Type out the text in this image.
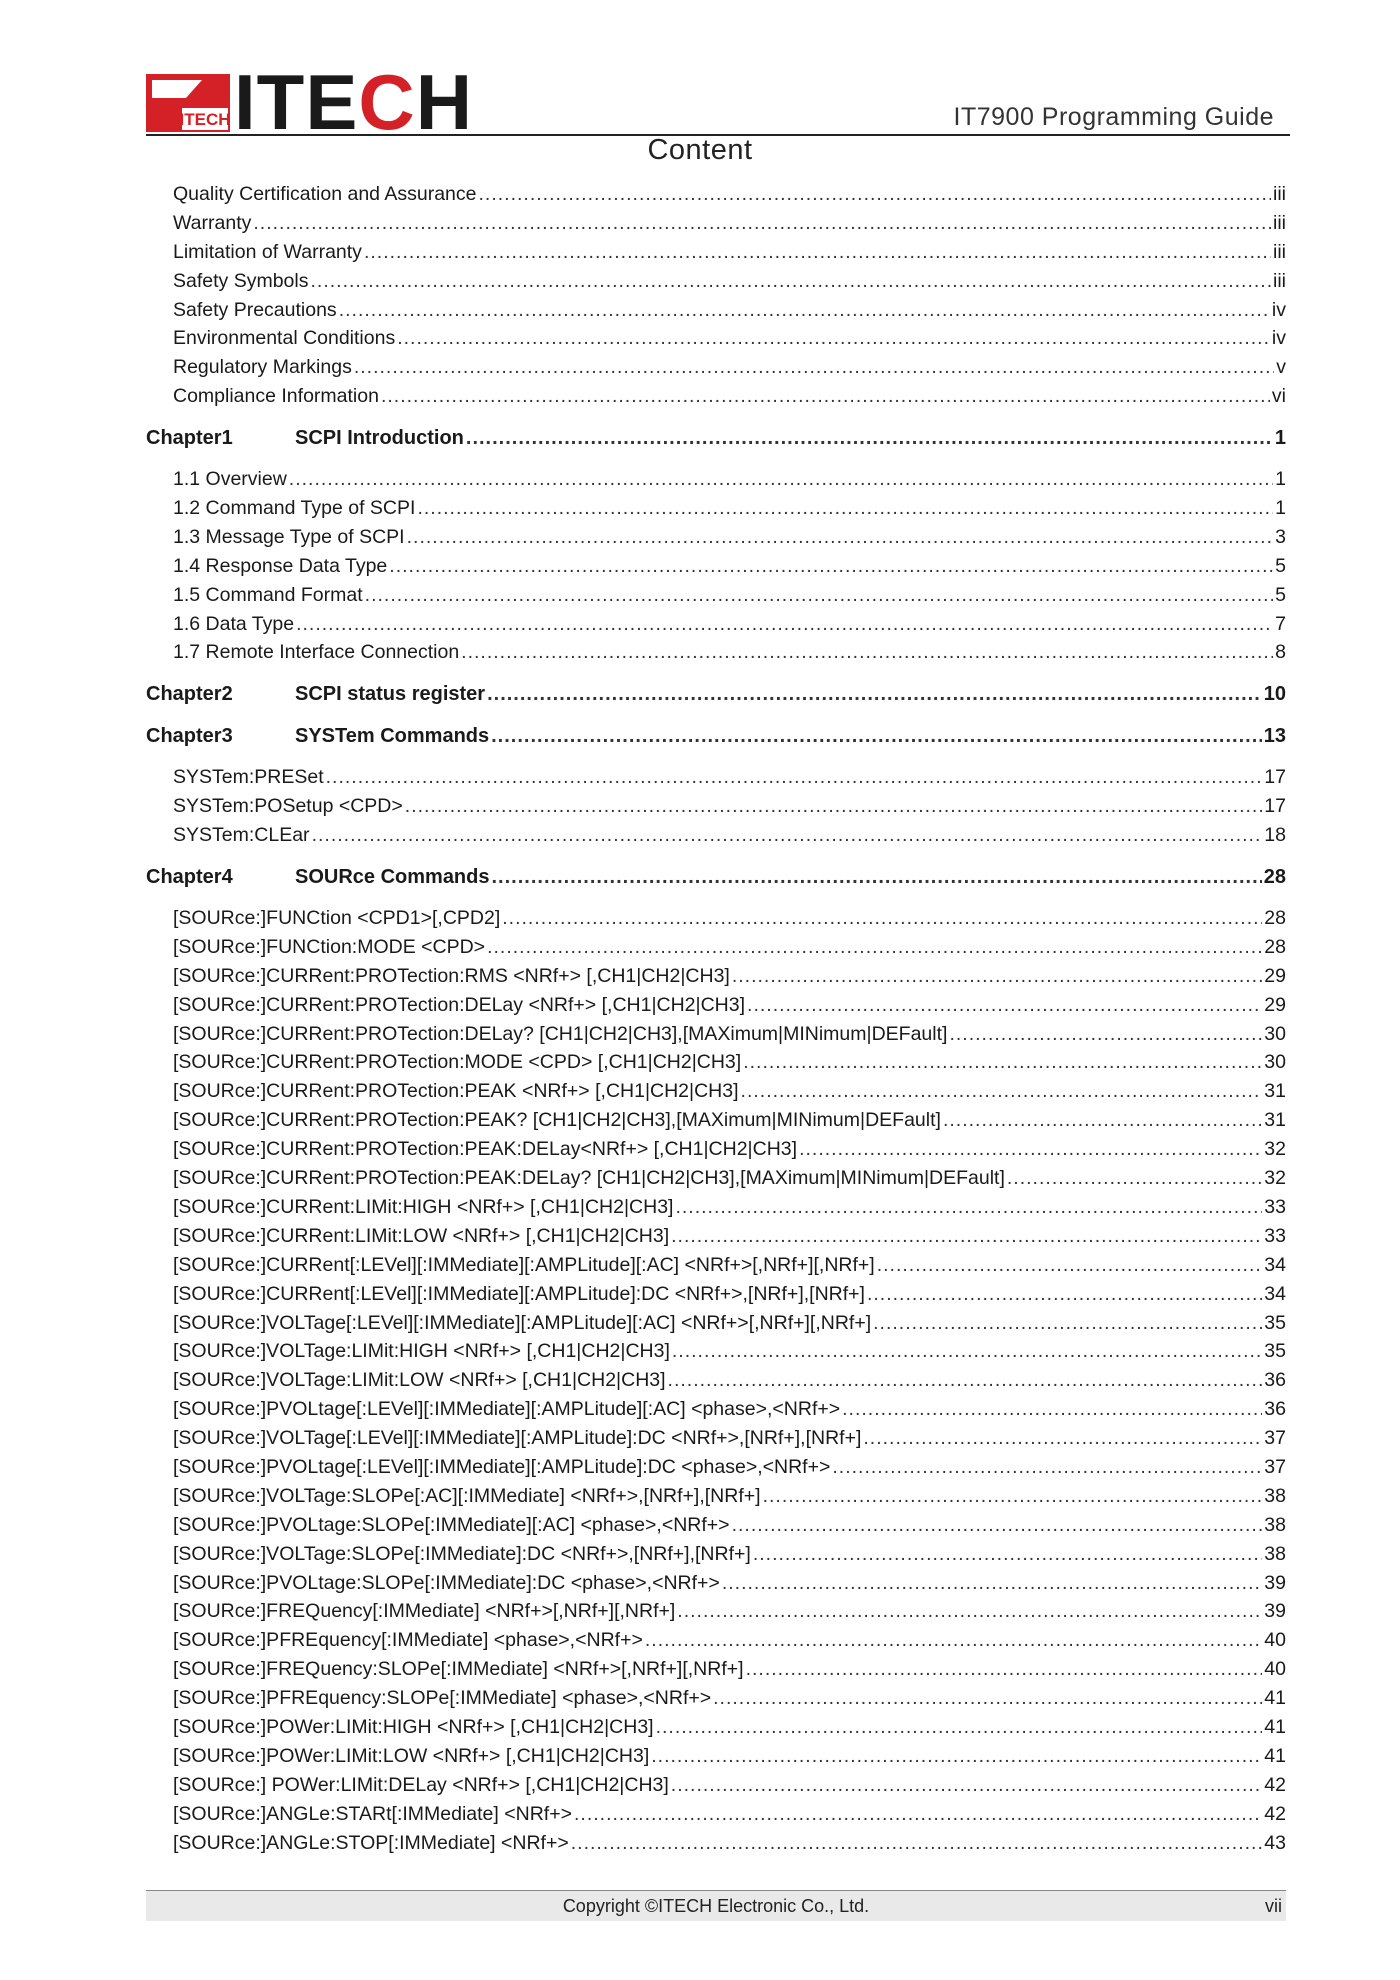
ITECH ITECH	IT7900 Programming Guide
Content
Quality Certification and Assurance .....	iii
Warranty .....	iii
Limitation of Warranty .....	iii
Safety Symbols .....	iii
Safety Precautions .....	iv
Environmental Conditions .....	iv
Regulatory Markings .....	v
Compliance Information .....	vi
Chapter1	SCPI Introduction .....	1
1.1 Overview .....	1
1.2 Command Type of SCPI .....	1
1.3 Message Type of SCPI .....	3
1.4 Response Data Type .....	5
1.5 Command Format .....	5
1.6 Data Type .....	7
1.7 Remote Interface Connection .....	8
Chapter2	SCPI status register .....	10
Chapter3	SYSTem Commands .....	13
SYSTem:PRESet .....	17
SYSTem:POSetup <CPD> .....	17
SYSTem:CLEar .....	18
Chapter4	SOURce Commands .....	28
[SOURce:]FUNCtion <CPD1>[,CPD2] .....	28
[SOURce:]FUNCtion:MODE <CPD> .....	28
[SOURce:]CURRent:PROTection:RMS <NRf+> [,CH1|CH2|CH3] .....	29
[SOURce:]CURRent:PROTection:DELay <NRf+> [,CH1|CH2|CH3] .....	29
[SOURce:]CURRent:PROTection:DELay? [CH1|CH2|CH3],[MAXimum|MINimum|DEFault] .....	30
[SOURce:]CURRent:PROTection:MODE <CPD> [,CH1|CH2|CH3] .....	30
[SOURce:]CURRent:PROTection:PEAK <NRf+> [,CH1|CH2|CH3] .....	31
[SOURce:]CURRent:PROTection:PEAK? [CH1|CH2|CH3],[MAXimum|MINimum|DEFault] .....	31
[SOURce:]CURRent:PROTection:PEAK:DELay<NRf+> [,CH1|CH2|CH3] .....	32
[SOURce:]CURRent:PROTection:PEAK:DELay? [CH1|CH2|CH3],[MAXimum|MINimum|DEFault] .....	32
[SOURce:]CURRent:LIMit:HIGH <NRf+> [,CH1|CH2|CH3] .....	33
[SOURce:]CURRent:LIMit:LOW <NRf+> [,CH1|CH2|CH3] .....	33
[SOURce:]CURRent[:LEVel][:IMMediate][:AMPLitude][:AC] <NRf+>[,NRf+][,NRf+] .....	34
[SOURce:]CURRent[:LEVel][:IMMediate][:AMPLitude]:DC <NRf+>,[NRf+],[NRf+] .....	34
[SOURce:]VOLTage[:LEVel][:IMMediate][:AMPLitude][:AC] <NRf+>[,NRf+][,NRf+] .....	35
[SOURce:]VOLTage:LIMit:HIGH <NRf+> [,CH1|CH2|CH3] .....	35
[SOURce:]VOLTage:LIMit:LOW <NRf+> [,CH1|CH2|CH3] .....	36
[SOURce:]PVOLtage[:LEVel][:IMMediate][:AMPLitude][:AC] <phase>,<NRf+> .....	36
[SOURce:]VOLTage[:LEVel][:IMMediate][:AMPLitude]:DC <NRf+>,[NRf+],[NRf+] .....	37
[SOURce:]PVOLtage[:LEVel][:IMMediate][:AMPLitude]:DC <phase>,<NRf+> .....	37
[SOURce:]VOLTage:SLOPe[:AC][:IMMediate] <NRf+>,[NRf+],[NRf+] .....	38
[SOURce:]PVOLtage:SLOPe[:IMMediate][:AC] <phase>,<NRf+> .....	38
[SOURce:]VOLTage:SLOPe[:IMMediate]:DC <NRf+>,[NRf+],[NRf+] .....	38
[SOURce:]PVOLtage:SLOPe[:IMMediate]:DC <phase>,<NRf+> .....	39
[SOURce:]FREQuency[:IMMediate] <NRf+>[,NRf+][,NRf+] .....	39
[SOURce:]PFREquency[:IMMediate] <phase>,<NRf+> .....	40
[SOURce:]FREQuency:SLOPe[:IMMediate] <NRf+>[,NRf+][,NRf+] .....	40
[SOURce:]PFREquency:SLOPe[:IMMediate] <phase>,<NRf+> .....	41
[SOURce:]POWer:LIMit:HIGH <NRf+> [,CH1|CH2|CH3] .....	41
[SOURce:]POWer:LIMit:LOW <NRf+> [,CH1|CH2|CH3] .....	41
[SOURce:] POWer:LIMit:DELay <NRf+> [,CH1|CH2|CH3] .....	42
[SOURce:]ANGLe:STARt[:IMMediate] <NRf+> .....	42
[SOURce:]ANGLe:STOP[:IMMediate] <NRf+> .....	43
Copyright ©ITECH Electronic Co., Ltd.	vii
